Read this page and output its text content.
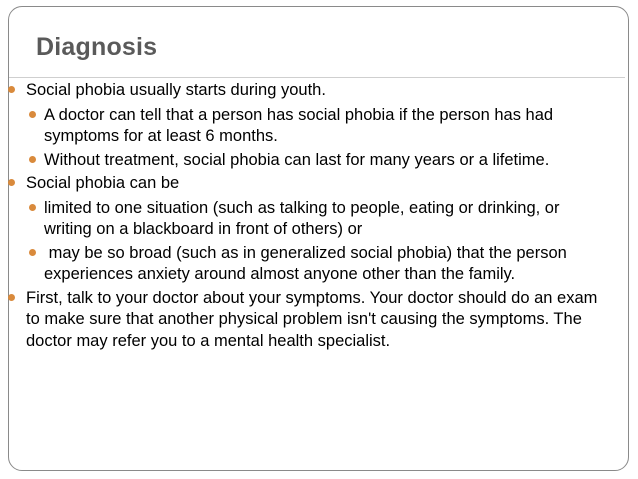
Diagnosis
Social phobia usually starts during youth.
A doctor can tell that a person has social phobia if the person has had symptoms for at least 6 months.
Without treatment, social phobia can last for many years or a lifetime.
Social phobia can be
limited to one situation (such as talking to people, eating or drinking, or writing on a blackboard in front of others) or
may be so broad (such as in generalized social phobia) that the person experiences anxiety around almost anyone other than the family.
First, talk to your doctor about your symptoms. Your doctor should do an exam to make sure that another physical problem isn't causing the symptoms. The doctor may refer you to a mental health specialist.
